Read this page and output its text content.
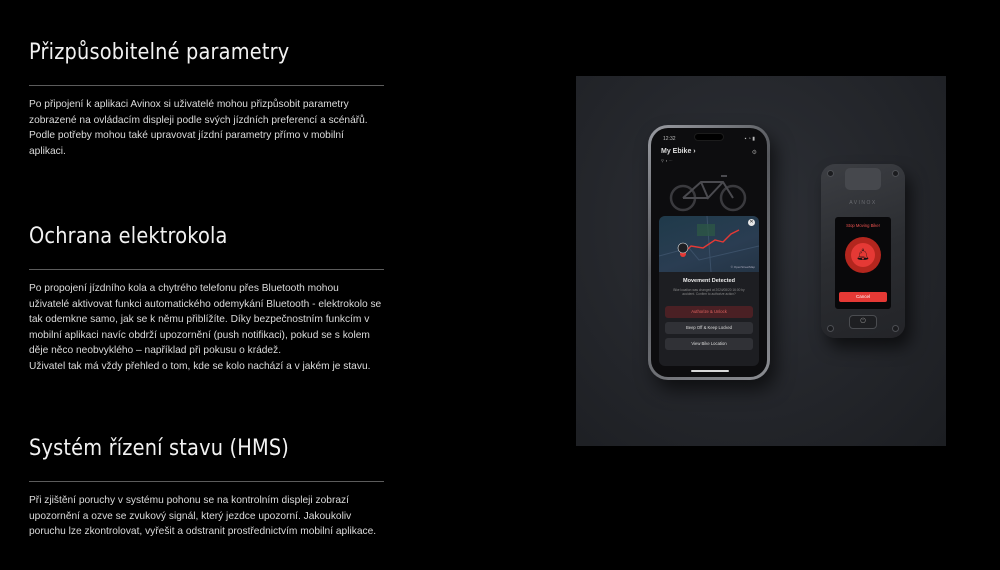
Přizpůsobitelné parametry

Po připojení k aplikaci Avinox si uživatelé mohou přizpůsobit parametry
zobrazené na ovládacím displeji podle svých jízdních preferencí a scénářů.
Podle potřeby mohou také upravovat jízdní parametry přímo v mobilní
aplikaci.

Ochrana elektrokola

Po propojení jízdního kola a chytrého telefonu přes Bluetooth mohou
uživatelé aktivovat funkci automatického odemykání Bluetooth - elektrokolo se
tak odemkne samo, jak se k němu přiblížíte. Díky bezpečnostním funkcím v
mobilní aplikaci navíc obdrží upozornění (push notifikaci), pokud se s kolem
děje něco neobvyklého – například při pokusu o krádež.
Uživatel tak má vždy přehled o tom, kde se kolo nachází a v jakém je stavu.

Systém řízení stavu (HMS)

Při zjištění poruchy v systému pohonu se na kontrolním displeji zobrazí
upozornění a ozve se zvukový signál, který jezdce upozorní. Jakoukoliv
poruchu lze zkontrolovat, vyřešit a odstranit prostřednictvím mobilní aplikace.

12:32	▪ ◔ ▮
My Ebike ›
⚲ ◑ ···
⚙
✕
© OpenStreetMap
Movement Detected
Bike location was changed at 2024/08/20 16:00 by accident. Confirm to authorize action?
Authorize & Unlock
Beep Off & Keep Locked
View Bike Location
AVINOX
Stop Moving Bike!
🔔︎
Cancel
⏻
